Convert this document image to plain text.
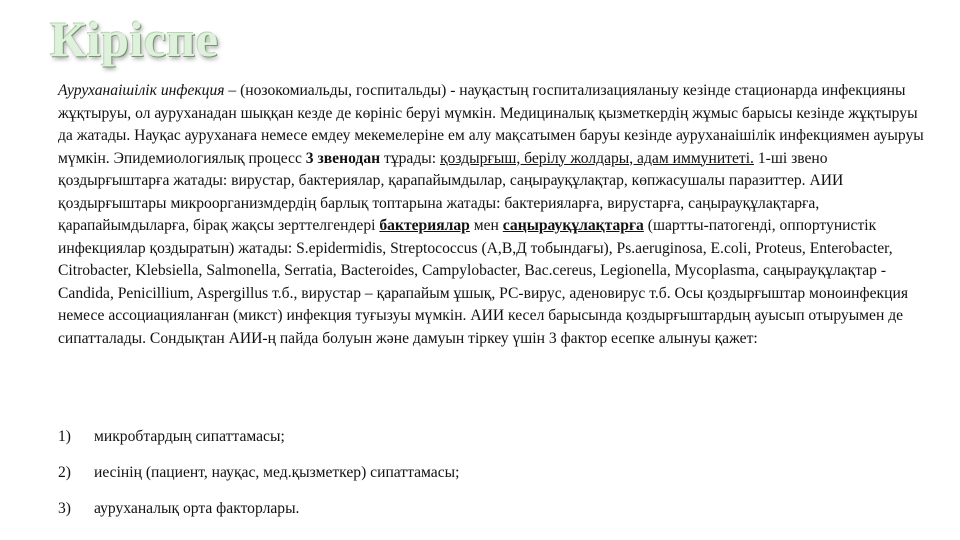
Кіріспе

Ауруханаішілік инфекция – (нозокомиальды, госпитальды) - науқастың госпитализацияланыу кезінде стационарда инфекцияны жұқтыруы, ол ауруханадан шыққан кезде де көрініс беруі мүмкін. Медициналық қызметкердің жұмыс барысы кезінде жұқтыруы да жатады. Науқас ауруханаға немесе емдеу мекемелеріне ем алу мақсатымен баруы кезінде ауруханаішілік инфекциямен ауыруы мүмкін. Эпидемиологиялық процесс 3 звенодан тұрады: қоздырғыш, берілу жолдары, адам иммунитеті. 1-ші звено қоздырғыштарға жатады: вирустар, бактериялар, қарапайымдылар, саңырауқұлақтар, көпжасушалы паразиттер. АИИ қоздырғыштары микроорганизмдердің барлық топтарына жатады: бактерияларға, вирустарға, саңырауқұлақтарға, қарапайымдыларға, бірақ жақсы зерттелгендері бактериялар мен саңырауқұлақтарға (шартты-патогенді, оппортунистік инфекциялар қоздыратын) жатады: S.epidermidis, Streptococcus (А,В,Д тобындағы), Ps.aeruginosa, E.coli, Proteus, Enterobacter, Citrobacter, Klebsiella, Salmonella, Serratia, Bacteroides, Campylobacter, Bac.cereus, Legionella, Mycoplasma, саңырауқұлақтар - Candida, Penicillium, Aspergillus т.б., вирустар – қарапайым ұшық, РС-вирус, аденовирус т.б. Осы қоздырғыштар моноинфекция немесе ассоциацияланған (микст) инфекция туғызуы мүмкін. АИИ кесел барысында қоздырғыштардың ауысып отыруымен де сипатталады. Сондықтан АИИ-ң пайда болуын және дамуын тіркеу үшін 3 фактор есепке алынуы қажет:

1)	микробтардың сипаттамасы;
2)	иесінің (пациент, науқас, мед.қызметкер) сипаттамасы;
3)	ауруханалық орта факторлары.
